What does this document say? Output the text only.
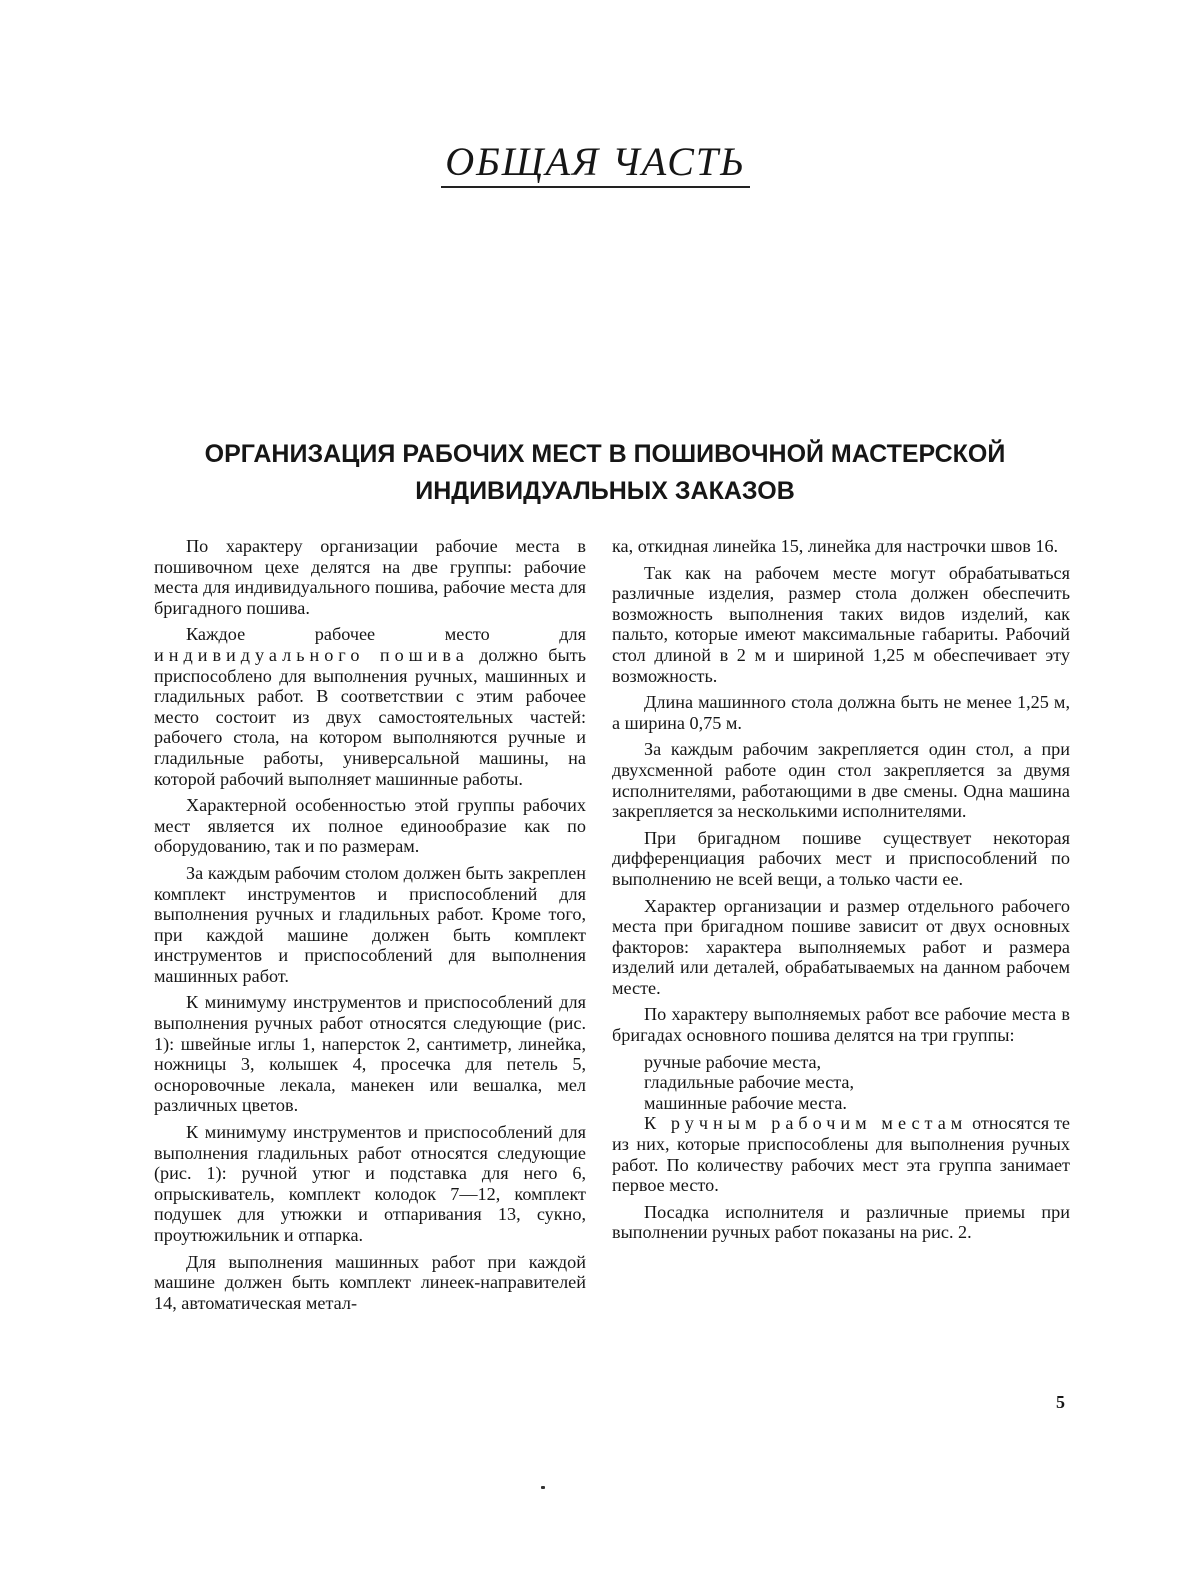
ОБЩАЯ ЧАСТЬ
ОРГАНИЗАЦИЯ РАБОЧИХ МЕСТ В ПОШИВОЧНОЙ МАСТЕРСКОЙ
ИНДИВИДУАЛЬНЫХ ЗАКАЗОВ

По характеру организации рабочие места в пошивочном цехе делятся на две группы: рабочие места для индивидуального пошива, рабочие места для бригадного пошива.

Каждое рабочее место для индивидуального пошива должно быть приспособлено для выполнения ручных, машинных и гладильных работ. В соответствии с этим рабочее место состоит из двух самостоятельных частей: рабочего стола, на котором выполняются ручные и гладильные работы, универсальной машины, на которой рабочий выполняет машинные работы.

Характерной особенностью этой группы рабочих мест является их полное единообразие как по оборудованию, так и по размерам.

За каждым рабочим столом должен быть закреплен комплект инструментов и приспособлений для выполнения ручных и гладильных работ. Кроме того, при каждой машине должен быть комплект инструментов и приспособлений для выполнения машинных работ.

К минимуму инструментов и приспособлений для выполнения ручных работ относятся следующие (рис. 1): швейные иглы 1, наперсток 2, сантиметр, линейка, ножницы 3, колышек 4, просечка для петель 5, осноровочные лекала, манекен или вешалка, мел различных цветов.

К минимуму инструментов и приспособлений для выполнения гладильных работ относятся следующие (рис. 1): ручной утюг и подставка для него 6, опрыскиватель, комплект колодок 7—12, комплект подушек для утюжки и отпаривания 13, сукно, проутюжильник и отпарка.

Для выполнения машинных работ при каждой машине должен быть комплект линеек-направителей 14, автоматическая метал-

ка, откидная линейка 15, линейка для настрочки швов 16.

Так как на рабочем месте могут обрабатываться различные изделия, размер стола должен обеспечить возможность выполнения таких видов изделий, как пальто, которые имеют максимальные габариты. Рабочий стол длиной в 2 м и шириной 1,25 м обеспечивает эту возможность.

Длина машинного стола должна быть не менее 1,25 м, а ширина 0,75 м.

За каждым рабочим закрепляется один стол, а при двухсменной работе один стол закрепляется за двумя исполнителями, работающими в две смены. Одна машина закрепляется за несколькими исполнителями.

При бригадном пошиве существует некоторая дифференциация рабочих мест и приспособлений по выполнению не всей вещи, а только части ее.

Характер организации и размер отдельного рабочего места при бригадном пошиве зависит от двух основных факторов: характера выполняемых работ и размера изделий или деталей, обрабатываемых на данном рабочем месте.

По характеру выполняемых работ все рабочие места в бригадах основного пошива делятся на три группы:

ручные рабочие места,

гладильные рабочие места,

машинные рабочие места.

К ручным рабочим местам относятся те из них, которые приспособлены для выполнения ручных работ. По количеству рабочих мест эта группа занимает первое место.

Посадка исполнителя и различные приемы при выполнении ручных работ показаны на рис. 2.

5
